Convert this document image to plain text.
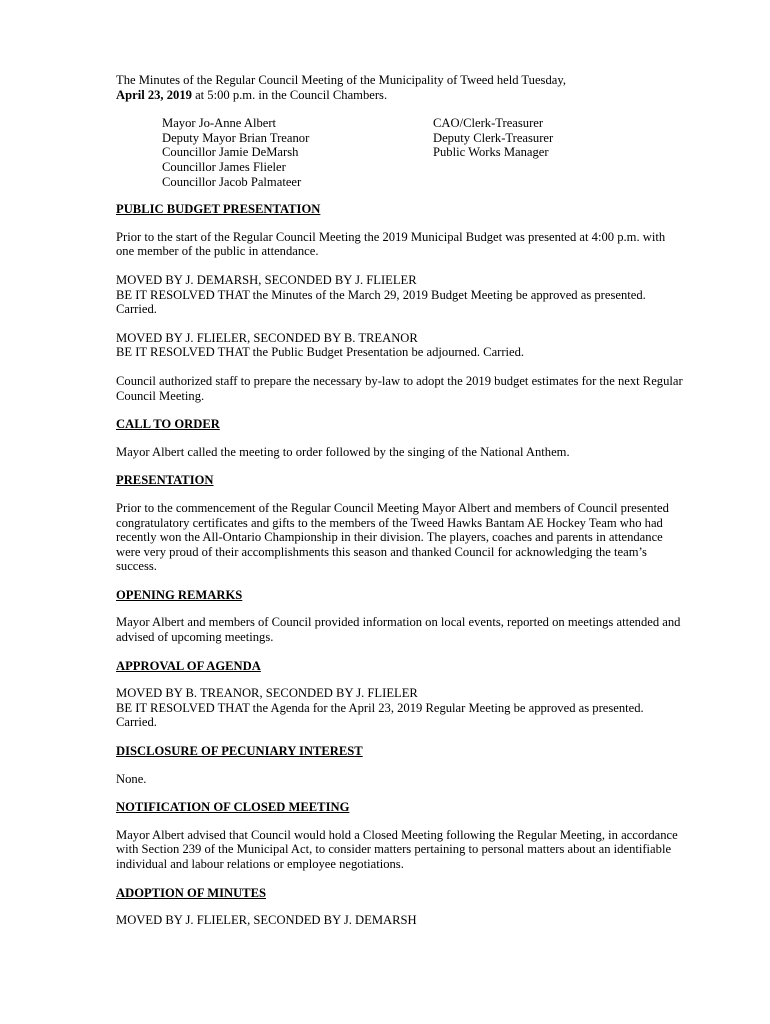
The Minutes of the Regular Council Meeting of the Municipality of Tweed held Tuesday,
April 23, 2019 at 5:00 p.m. in the Council Chambers.

Mayor Jo-Anne Albert
Deputy Mayor Brian Treanor
Councillor Jamie DeMarsh
Councillor James Flieler
Councillor Jacob Palmateer
CAO/Clerk-Treasurer
Deputy Clerk-Treasurer
Public Works Manager

PUBLIC BUDGET PRESENTATION

Prior to the start of the Regular Council Meeting the 2019 Municipal Budget was presented at 4:00 p.m. with one member of the public in attendance.

MOVED BY J. DEMARSH, SECONDED BY J. FLIELER
BE IT RESOLVED THAT the Minutes of the March 29, 2019 Budget Meeting be approved as presented. Carried.

MOVED BY J. FLIELER, SECONDED BY B. TREANOR
BE IT RESOLVED THAT the Public Budget Presentation be adjourned. Carried.

Council authorized staff to prepare the necessary by-law to adopt the 2019 budget estimates for the next Regular Council Meeting.

CALL TO ORDER

Mayor Albert called the meeting to order followed by the singing of the National Anthem.

PRESENTATION

Prior to the commencement of the Regular Council Meeting Mayor Albert and members of Council presented congratulatory certificates and gifts to the members of the Tweed Hawks Bantam AE Hockey Team who had recently won the All-Ontario Championship in their division. The players, coaches and parents in attendance were very proud of their accomplishments this season and thanked Council for acknowledging the team’s success.

OPENING REMARKS

Mayor Albert and members of Council provided information on local events, reported on meetings attended and advised of upcoming meetings.

APPROVAL OF AGENDA

MOVED BY B. TREANOR, SECONDED BY J. FLIELER
BE IT RESOLVED THAT the Agenda for the April 23, 2019 Regular Meeting be approved as presented. Carried.

DISCLOSURE OF PECUNIARY INTEREST

None.

NOTIFICATION OF CLOSED MEETING

Mayor Albert advised that Council would hold a Closed Meeting following the Regular Meeting, in accordance with Section 239 of the Municipal Act, to consider matters pertaining to personal matters about an identifiable individual and labour relations or employee negotiations.

ADOPTION OF MINUTES

MOVED BY J. FLIELER, SECONDED BY J. DEMARSH
